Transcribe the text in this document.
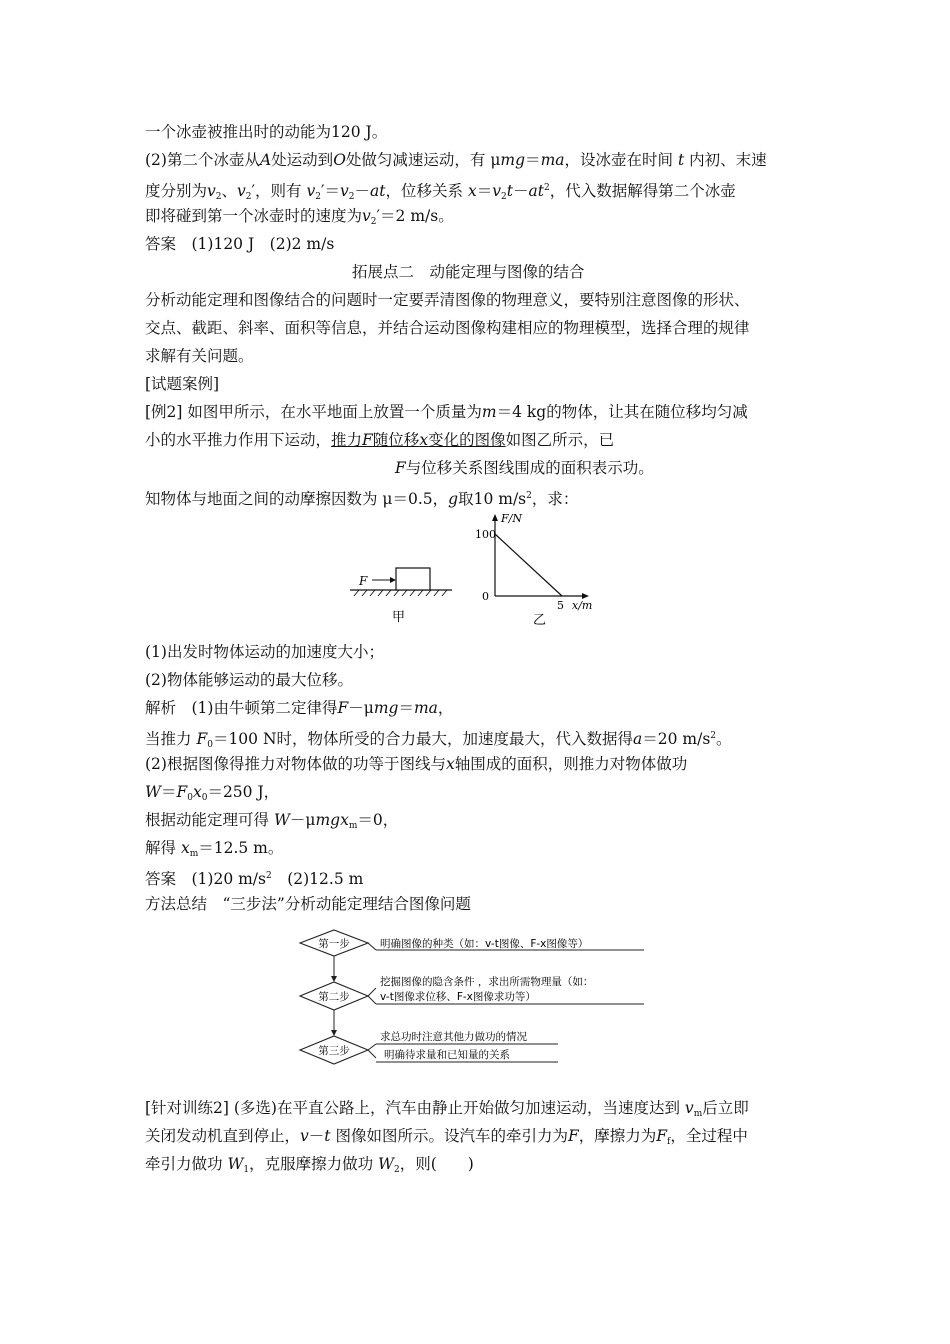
一个冰壶被推出时的动能为120 J。
(2)第二个冰壶从A处运动到O处做匀减速运动，有 μmg＝ma，设冰壶在时间 t 内初、末速
度分别为$v_2$、$v_2'$，则有 $v_2'=v_2-at$，位移关系 $x=v_2t-at^2$，代入数据解得第二个冰壶
即将碰到第一个冰壶时的速度为$v_2'=2$ m/s。
答案　(1)120 J　(2)2 m/s
拓展点二　动能定理与图像的结合
分析动能定理和图像结合的问题时一定要弄清图像的物理意义，要特别注意图像的形状、
交点、截距、斜率、面积等信息，并结合运动图像构建相应的物理模型，选择合理的规律
求解有关问题。
[试题案例]
[例2] 如图甲所示，在水平地面上放置一个质量为m＝4 kg的物体，让其在随位移均匀减
小的水平推力作用下运动，推力F随位移x变化的图像如图乙所示，已
F与位移关系图线围成的面积表示功。
知物体与地面之间的动摩擦因数为 μ＝0.5，g取10 $m/s^2$，求：
F
甲
F/N
100
0
5 x/m
乙
(1)出发时物体运动的加速度大小；
(2)物体能够运动的最大位移。
解析　(1)由牛顿第二定律得F－μmg＝ma，
当推力 $F_0=100$ N时，物体所受的合力最大，加速度最大，代入数据得a＝20 $m/s^2$。
(2)根据图像得推力对物体做的功等于图线与x轴围成的面积，则推力对物体做功
$W=F_0x_0=250$ J，
根据动能定理可得 W－μmgx$_m$＝0，
解得 $x_m=12.5$ m。
答案　(1)20 $m/s^2$　(2)12.5 m
方法总结　“三步法”分析动能定理结合图像问题
第一步	明确图像的种类（如：v-t图像、F-x图像等）
第二步
挖掘图像的隐含条件 ，求出所需物理量（如：
v-t图像求位移、F-x图像求功等）
第三步
求总功时注意其他力做功的情况
明确待求量和已知量的关系
[针对训练2] (多选)在平直公路上，汽车由静止开始做匀加速运动，当速度达到 $v_m$后立即
关闭发动机直到停止，v－t 图像如图所示。设汽车的牵引力为F，摩擦力为$F_f$，全过程中
牵引力做功 $W_1$，克服摩擦力做功 $W_2$，则(　　)
